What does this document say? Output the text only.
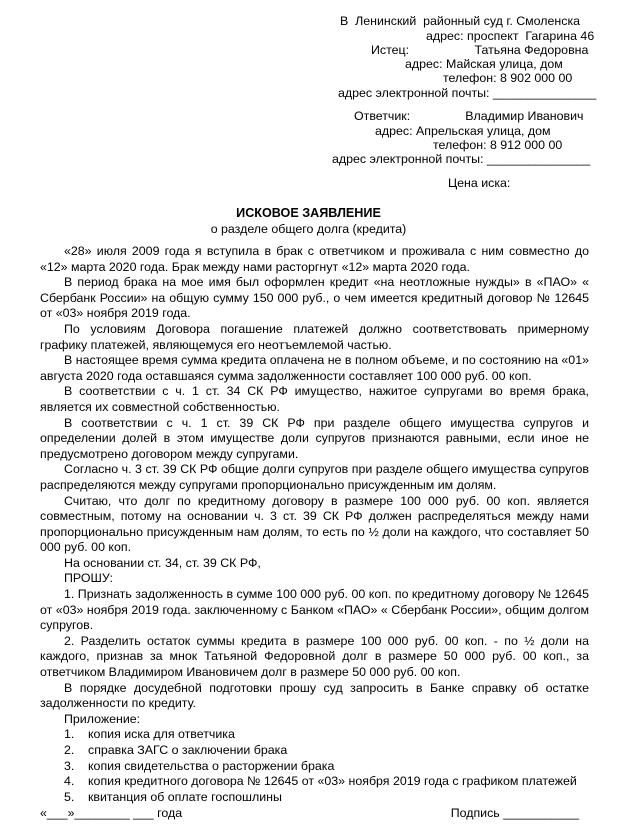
В  Ленинский  районный суд г. Смоленска
адрес: проспект  Гагарина 46
Истец:                   Татьяна Федоровна
адрес: Майская улица, дом
телефон: 8 902 000 00
адрес электронной почты: _______________
Ответчик:                Владимир Иванович
адрес: Апрельская улица, дом
телефон: 8 912 000 00
адрес электронной почты: _______________
Цена иска:
ИСКОВОЕ ЗАЯВЛЕНИЕ
о разделе общего долга (кредита)

«28» июля 2009 года я вступила в брак с ответчиком и проживала с ним совместно до «12» марта 2020 года. Брак между нами расторгнут «12» марта 2020 года.

В период брака на мое имя был оформлен кредит «на неотложные нужды» в «ПАО» « Сбербанк России» на общую сумму 150 000 руб., о чем имеется кредитный договор № 12645 от «03» ноября 2019 года.

По условиям Договора погашение платежей должно соответствовать примерному графику платежей, являющемуся его неотъемлемой частью.

В настоящее время сумма кредита оплачена не в полном объеме, и по состоянию на «01» августа 2020 года оставшаяся сумма задолженности составляет 100 000 руб. 00 коп.

В соответствии с ч. 1 ст. 34 СК РФ имущество, нажитое супругами во время брака, является их совместной собственностью.

В соответствии с ч. 1 ст. 39 СК РФ при разделе общего имущества супругов и определении долей в этом имуществе доли супругов признаются равными, если иное не предусмотрено договором между супругами.

Согласно ч. 3 ст. 39 СК РФ общие долги супругов при разделе общего имущества супругов распределяются между супругами пропорционально присужденным им долям.

Считаю, что долг по кредитному договору в размере 100 000 руб. 00 коп. является совместным, потому на основании ч. 3 ст. 39 СК РФ должен распределяться между нами пропорционально присужденным нам долям, то есть по ½ доли на каждого, что составляет 50 000 руб. 00 коп.

На основании ст. 34, ст. 39 СК РФ,

ПРОШУ:

1. Признать задолженность в сумме 100 000 руб. 00 коп. по кредитному договору № 12645 от «03» ноября 2019 года. заключенному с Банком «ПАО» « Сбербанк России», общим долгом супругов.

2. Разделить остаток суммы кредита в размере 100 000 руб. 00 коп. - по ½ доли на каждого, признав за мнок Татьяной Федоровной долг в размере 50 000 руб. 00 коп., за ответчиком Владимиром Ивановичем долг в размере 50 000 руб. 00 коп.

В порядке досудебной подготовки прошу суд запросить в Банке справку об остатке задолженности по кредиту.

Приложение:

1. копия иска для ответчика
2. справка ЗАГС о заключении брака
3. копия свидетельства о расторжении брака
4. копия кредитного договора № 12645 от «03» ноября 2019 года с графиком платежей
5. квитанция об оплате госпошлины
«___»________ ___ года	Подпись ___________
